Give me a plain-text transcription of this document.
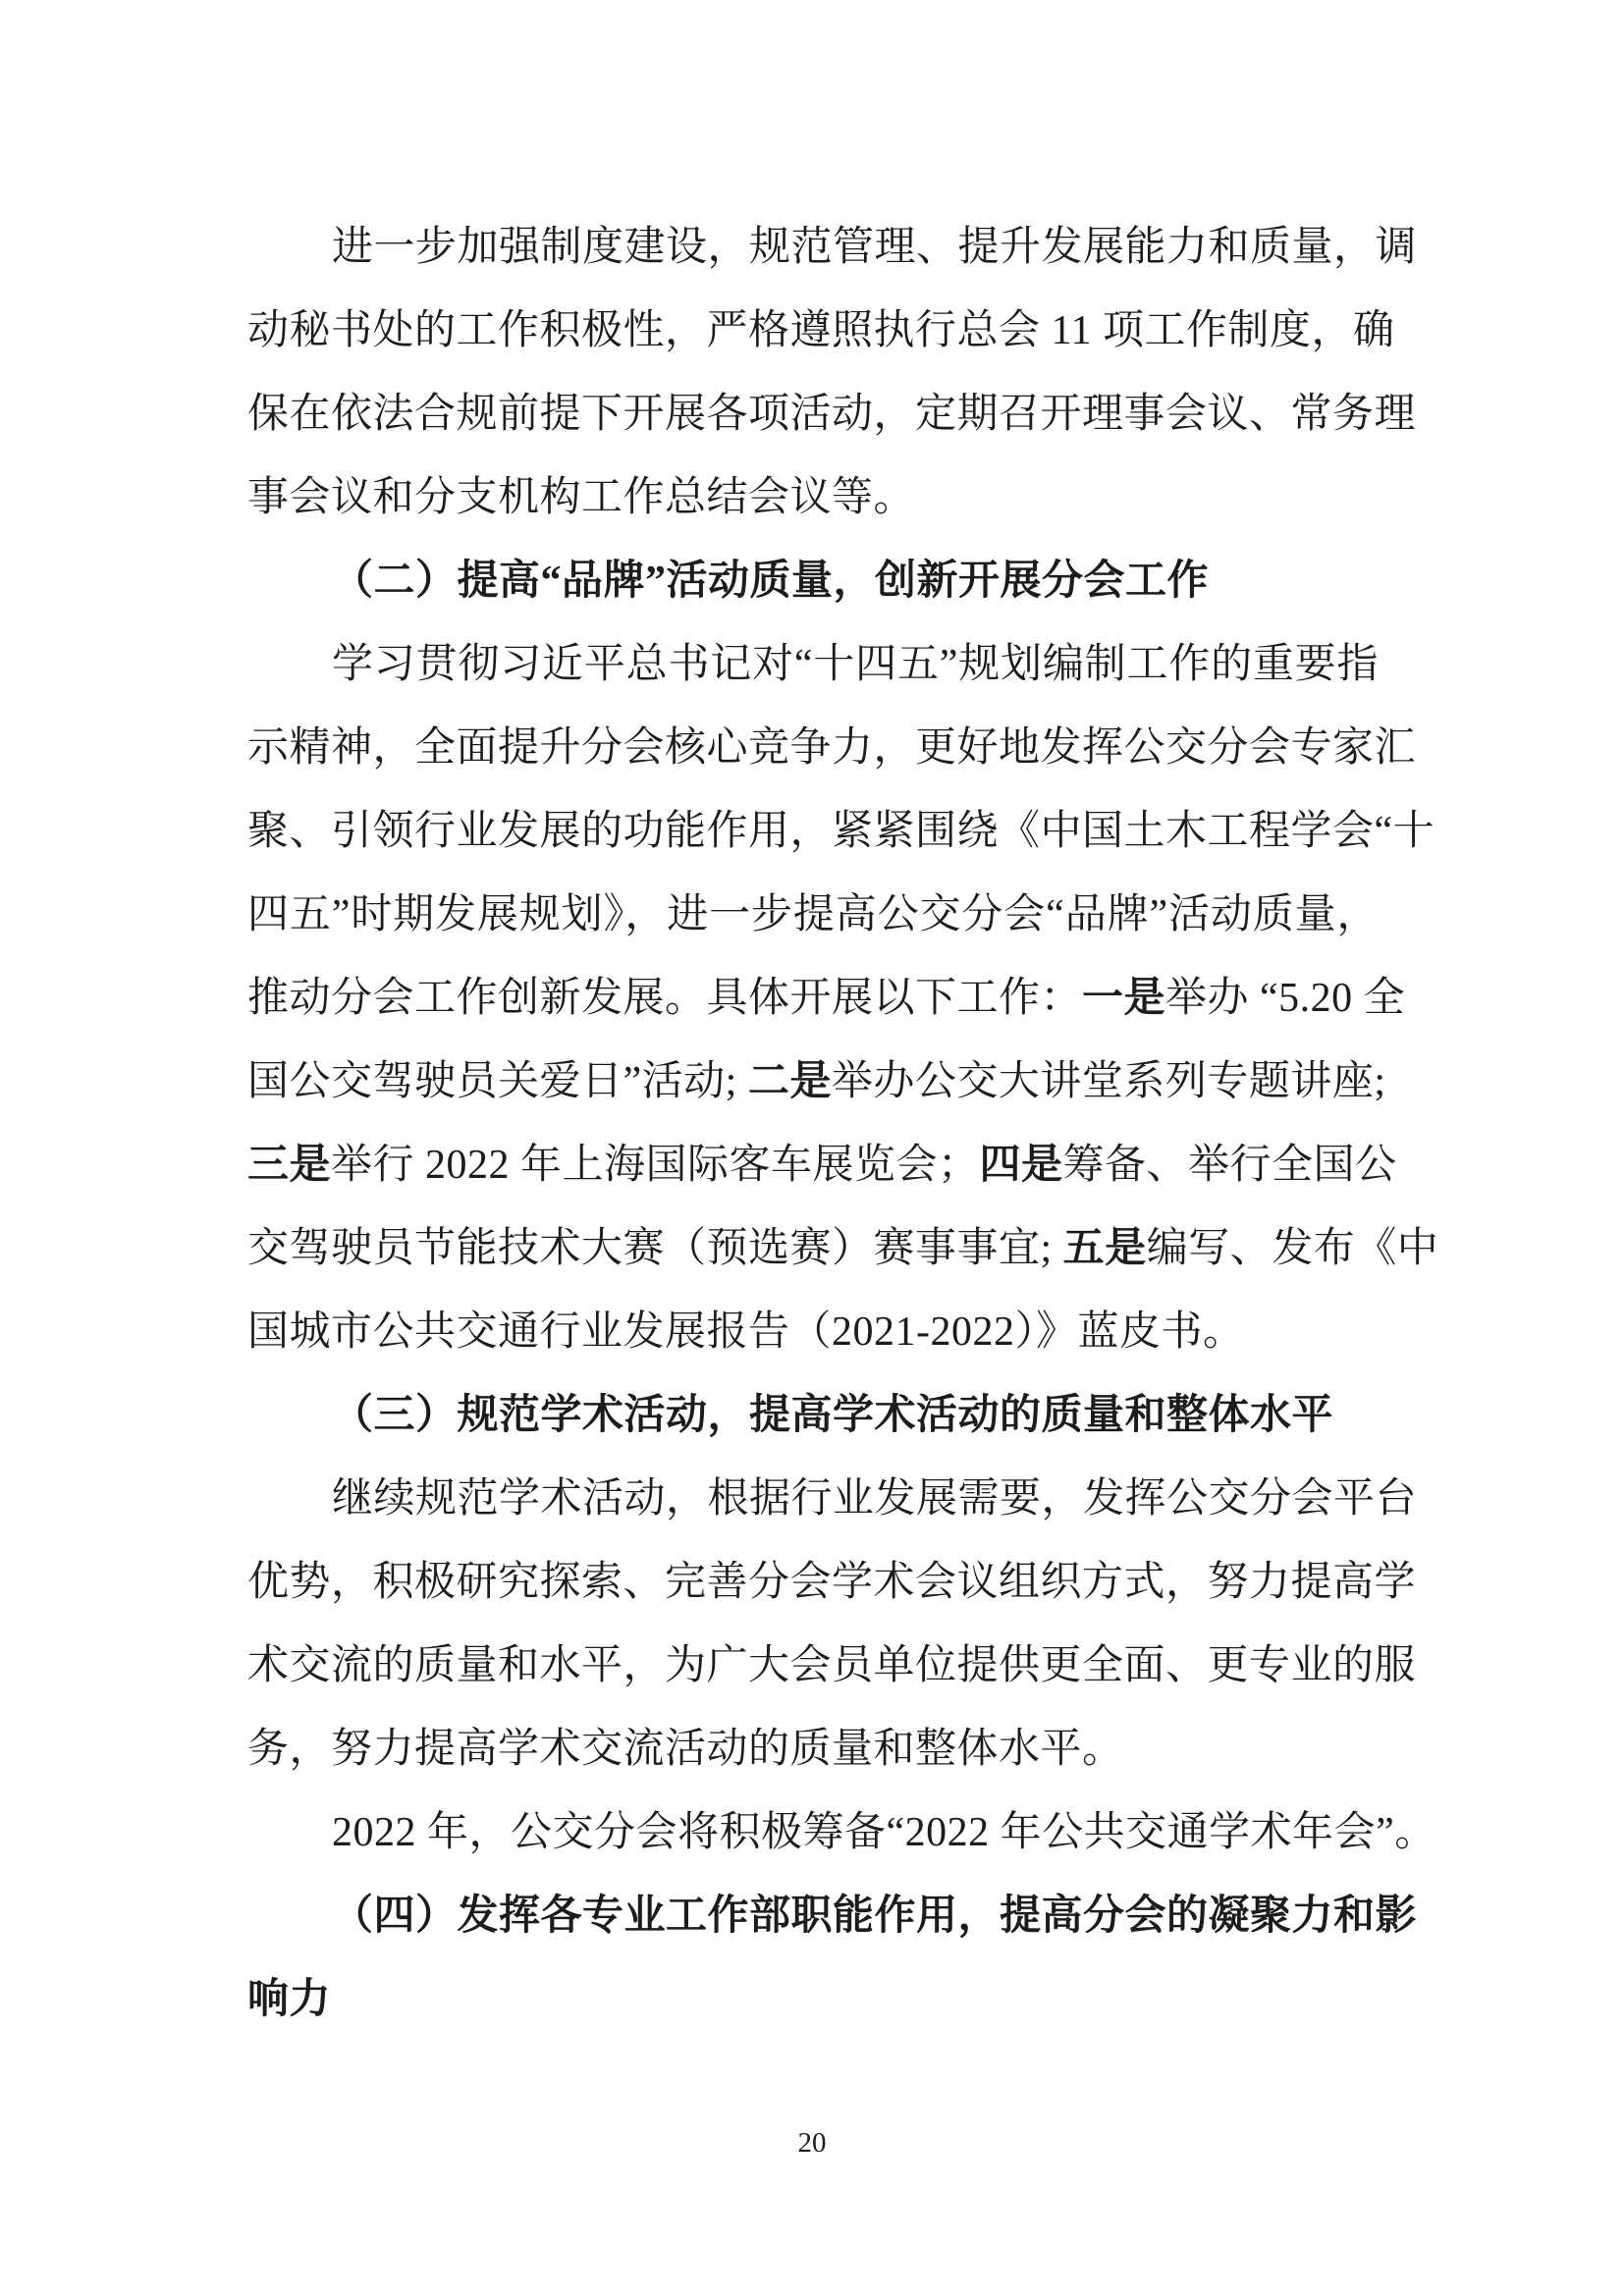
进一步加强制度建设，规范管理、提升发展能力和质量，调
动秘书处的工作积极性，严格遵照执行总会 11 项工作制度，确
保在依法合规前提下开展各项活动，定期召开理事会议、常务理
事会议和分支机构工作总结会议等。
（二）提高“品牌”活动质量，创新开展分会工作
学习贯彻习近平总书记对“十四五”规划编制工作的重要指
示精神，全面提升分会核心竞争力，更好地发挥公交分会专家汇
聚、引领行业发展的功能作用，紧紧围绕《中国土木工程学会“十
四五”时期发展规划》，进一步提高公交分会“品牌”活动质量，
推动分会工作创新发展。具体开展以下工作：一是举办 “5.20 全
国公交驾驶员关爱日”活动; 二是举办公交大讲堂系列专题讲座;
三是举行 2022 年上海国际客车展览会；四是筹备、举行全国公
交驾驶员节能技术大赛（预选赛）赛事事宜; 五是编写、发布《中
国城市公共交通行业发展报告（2021-2022）》蓝皮书。
（三）规范学术活动，提高学术活动的质量和整体水平
继续规范学术活动，根据行业发展需要，发挥公交分会平台
优势，积极研究探索、完善分会学术会议组织方式，努力提高学
术交流的质量和水平，为广大会员单位提供更全面、更专业的服
务，努力提高学术交流活动的质量和整体水平。
2022 年，公交分会将积极筹备“2022 年公共交通学术年会”。
（四）发挥各专业工作部职能作用，提高分会的凝聚力和影
响力
20
